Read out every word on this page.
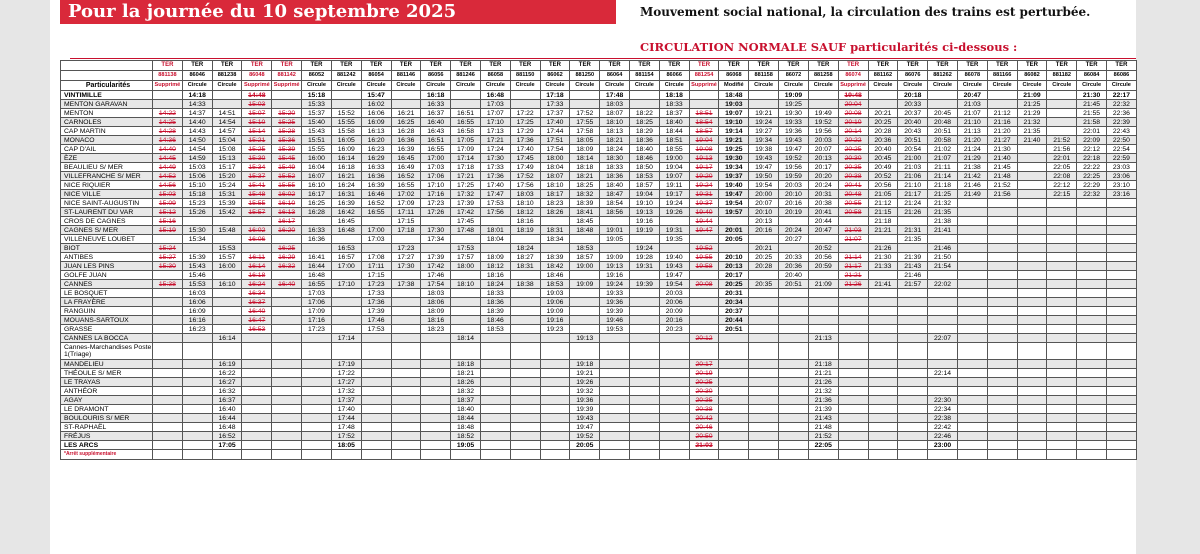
Pour la journée du 10 septembre 2025	Mouvement social national, la circulation des trains est perturbée.
CIRCULATION NORMALE SAUF particularités ci-dessous :
	TER	TER	TER	TER	TER	TER	TER	TER	TER	TER	TER	TER	TER	TER	TER	TER	TER	TER	TER	TER	TER	TER	TER	TER	TER	TER	TER	TER	TER	TER	TER	TER	TER
	881138	86046	881238	86048	881142	86052	881242	86054	881146	86056	881246	86058	881150	86062	881250	86064	881154	86066	881254	86068	881158	86072	881258	86074	881162	86076	881262	86078	881166	86082	881182	86084	86086
Particularités	Supprimé	Circule	Circule	Supprimé	Supprimé	Circule	Circule	Circule	Circule	Circule	Circule	Circule	Circule	Circule	Circule	Circule	Circule	Circule	Supprimé	Modifié	Circule	Circule	Circule	Supprimé	Circule	Circule	Circule	Circule	Circule	Circule	Circule	Circule	Circule
VINTIMILLE		14:18		14:48		15:18		15:47		16:18		16:48		17:18		17:48		18:18		18:48		19:09		19:48		20:18		20:47		21:09		21:30	22:17
MENTON GARAVAN		14:33		15:03		15:33		16:02		16:33		17:03		17:33		18:03		18:33		19:03		19:25		20:04		20:33		21:03		21:25		21:45	22:32
MENTON	14:22	14:37	14:51	15:07	15:20	15:37	15:52	16:06	16:21	16:37	16:51	17:07	17:22	17:37	17:52	18:07	18:22	18:37	18:51	19:07	19:21	19:30	19:49	20:08	20:21	20:37	20:45	21:07	21:12	21:29		21:55	22:36
CARNOLES	14:25	14:40	14:54	15:10	15:25	15:40	15:55	16:09	16:25	16:40	16:55	17:10	17:25	17:40	17:55	18:10	18:25	18:40	18:54	19:10	19:24	19:33	19:52	20:10	20:25	20:40	20:48	21:10	21:16	21:32		21:58	22:39
CAP MARTIN	14:28	14:43	14:57	15:14	15:28	15:43	15:58	16:13	16:28	16:43	16:58	17:13	17:29	17:44	17:58	18:13	18:29	18:44	18:57	19:14	19:27	19:36	19:56	20:14	20:28	20:43	20:51	21:13	21:20	21:35		22:01	22:43
MONACO	14:36	14:50	15:04	15:21	15:36	15:51	16:05	16:20	16:36	16:51	17:05	17:21	17:36	17:51	18:05	18:21	18:36	18:51	19:04	19:21	19:34	19:43	20:03	20:22	20:36	20:51	20:58	21:20	21:27	21:40	21:52	22:09	22:50
CAP D'AIL	14:40	14:54	15:08	15:25	15:39	15:55	16:09	16:23	16:39	16:55	17:09	17:24	17:40	17:54	18:09	18:24	18:40	18:55	19:08	19:25	19:38	19:47	20:07	20:25	20:40	20:54	21:02	21:24	21:30		21:56	22:12	22:54
ÈZE	14:45	14:59	15:13	15:30	15:45	16:00	16:14	16:29	16:45	17:00	17:14	17:30	17:45	18:00	18:14	18:30	18:46	19:00	19:13	19:30	19:43	19:52	20:13	20:30	20:45	21:00	21:07	21:29	21:40		22:01	22:18	22:59
BEAULIEU S/ MER	14:49	15:03	15:17	15:34	15:49	16:04	16:18	16:33	16:49	17:03	17:18	17:33	17:49	18:04	18:18	18:33	18:50	19:04	19:17	19:34	19:47	19:56	20:17	20:35	20:49	21:03	21:11	21:38	21:45		22:05	22:22	23:03
VILLEFRANCHE S/ MER	14:52	15:06	15:20	15:37	15:52	16:07	16:21	16:36	16:52	17:06	17:21	17:36	17:52	18:07	18:21	18:36	18:53	19:07	19:20	19:37	19:50	19:59	20:20	20:38	20:52	21:06	21:14	21:42	21:48		22:08	22:25	23:06
NICE RIQUIER	14:56	15:10	15:24	15:41	15:55	16:10	16:24	16:39	16:55	17:10	17:25	17:40	17:56	18:10	18:25	18:40	18:57	19:11	19:24	19:40	19:54	20:03	20:24	20:41	20:56	21:10	21:18	21:46	21:52		22:12	22:29	23:10
NICE VILLE	15:03	15:18	15:31	15:48	16:02	16:17	16:31	16:46	17:02	17:16	17:32	17:47	18:03	18:17	18:32	18:47	19:04	19:17	19:31	19:47	20:00	20:10	20:31	20:48	21:05	21:17	21:25	21:49	21:56		22:15	22:32	23:16
NICE SAINT-AUGUSTIN	15:09	15:23	15:39	15:55	16:10	16:25	16:39	16:52	17:09	17:23	17:39	17:53	18:10	18:23	18:39	18:54	19:10	19:24	19:37	19:54	20:07	20:16	20:38	20:55	21:12	21:24	21:32						
ST-LAURENT DU VAR	15:12	15:26	15:42	15:57	16:13	16:28	16:42	16:55	17:11	17:26	17:42	17:56	18:12	18:26	18:41	18:56	19:13	19:26	19:40	19:57	20:10	20:19	20:41	20:58	21:15	21:26	21:35						
CROS DE CAGNES	15:16				16:17		16:45		17:15		17:45		18:16		18:45		19:16		19:44		20:13		20:44		21:18		21:38						
CAGNES S/ MER	15:19	15:30	15:48	16:02	16:20	16:33	16:48	17:00	17:18	17:30	17:48	18:01	18:19	18:31	18:48	19:01	19:19	19:31	19:47	20:01	20:16	20:24	20:47	21:03	21:21	21:31	21:41						
VILLENEUVE LOUBET		15:34		16:06		16:36		17:03		17:34		18:04		18:34		19:05		19:35		20:05		20:27		21:07		21:35							
BIOT	15:24		15:53		16:25		16:53		17:23		17:53		18:24		18:53		19:24		19:52		20:21		20:52		21:26		21:46						
ANTIBES	15:27	15:39	15:57	16:11	16:29	16:41	16:57	17:08	17:27	17:39	17:57	18:09	18:27	18:39	18:57	19:09	19:28	19:40	19:55	20:10	20:25	20:33	20:56	21:14	21:30	21:39	21:50						
JUAN LES PINS	15:30	15:43	16:00	16:14	16:32	16:44	17:00	17:11	17:30	17:42	18:00	18:12	18:31	18:42	19:00	19:13	19:31	19:43	19:58	20:13	20:28	20:36	20:59	21:17	21:33	21:43	21:54						
GOLFE JUAN		15:46		16:18		16:48		17:15		17:46		18:16		18:46		19:16		19:47		20:17		20:40		21:21		21:46							
CANNES	15:38	15:53	16:10	16:24	16:40	16:55	17:10	17:23	17:38	17:54	18:10	18:24	18:38	18:53	19:09	19:24	19:39	19:54	20:08	20:25	20:35	20:51	21:09	21:26	21:41	21:57	22:02						
LE BOSQUET		16:03		16:34		17:03		17:33		18:03		18:33		19:03		19:33		20:03		20:31													
LA FRAYÈRE		16:06		16:37		17:06		17:36		18:06		18:36		19:06		19:36		20:06		20:34													
RANGUIN		16:09		16:40		17:09		17:39		18:09		18:39		19:09		19:39		20:09		20:37													
MOUANS-SARTOUX		16:16		16:47		17:16		17:46		18:16		18:46		19:16		19:46		20:16		20:44													
GRASSE		16:23		16:53		17:23		17:53		18:23		18:53		19:23		19:53		20:23		20:51													
CANNES LA BOCCA			16:14				17:14				18:14				19:13				20:12				21:13				22:07						
Cannes-Marchandises Poste 1(Triage)																																	
MANDELIEU			16:19				17:19				18:18				19:18				20:17				21:18										
THÉOULE S/ MER			16:22				17:22				18:21				19:21				20:19				21:21				22:14						
LE TRAYAS			16:27				17:27				18:26				19:26				20:25				21:26										
ANTHÉOR			16:32				17:32				18:32				19:32				20:30				21:32										
AGAY			16:37				17:37				18:37				19:36				20:35				21:36				22:30						
LE DRAMONT			16:40				17:40				18:40				19:39				20:38				21:39				22:34						
BOULOURIS S/ MER			16:44				17:44				18:44				19:43				20:42				21:43				22:38						
ST-RAPHAËL			16:48				17:48				18:48				19:47				20:46				21:48				22:42						
FRÉJUS			16:52				17:52				18:52				19:52				20:50				21:52				22:46						
LES ARCS			17:05				18:05				19:05				20:05				21:03				22:05				23:00						
*Arrêt supplémentaire																																	
